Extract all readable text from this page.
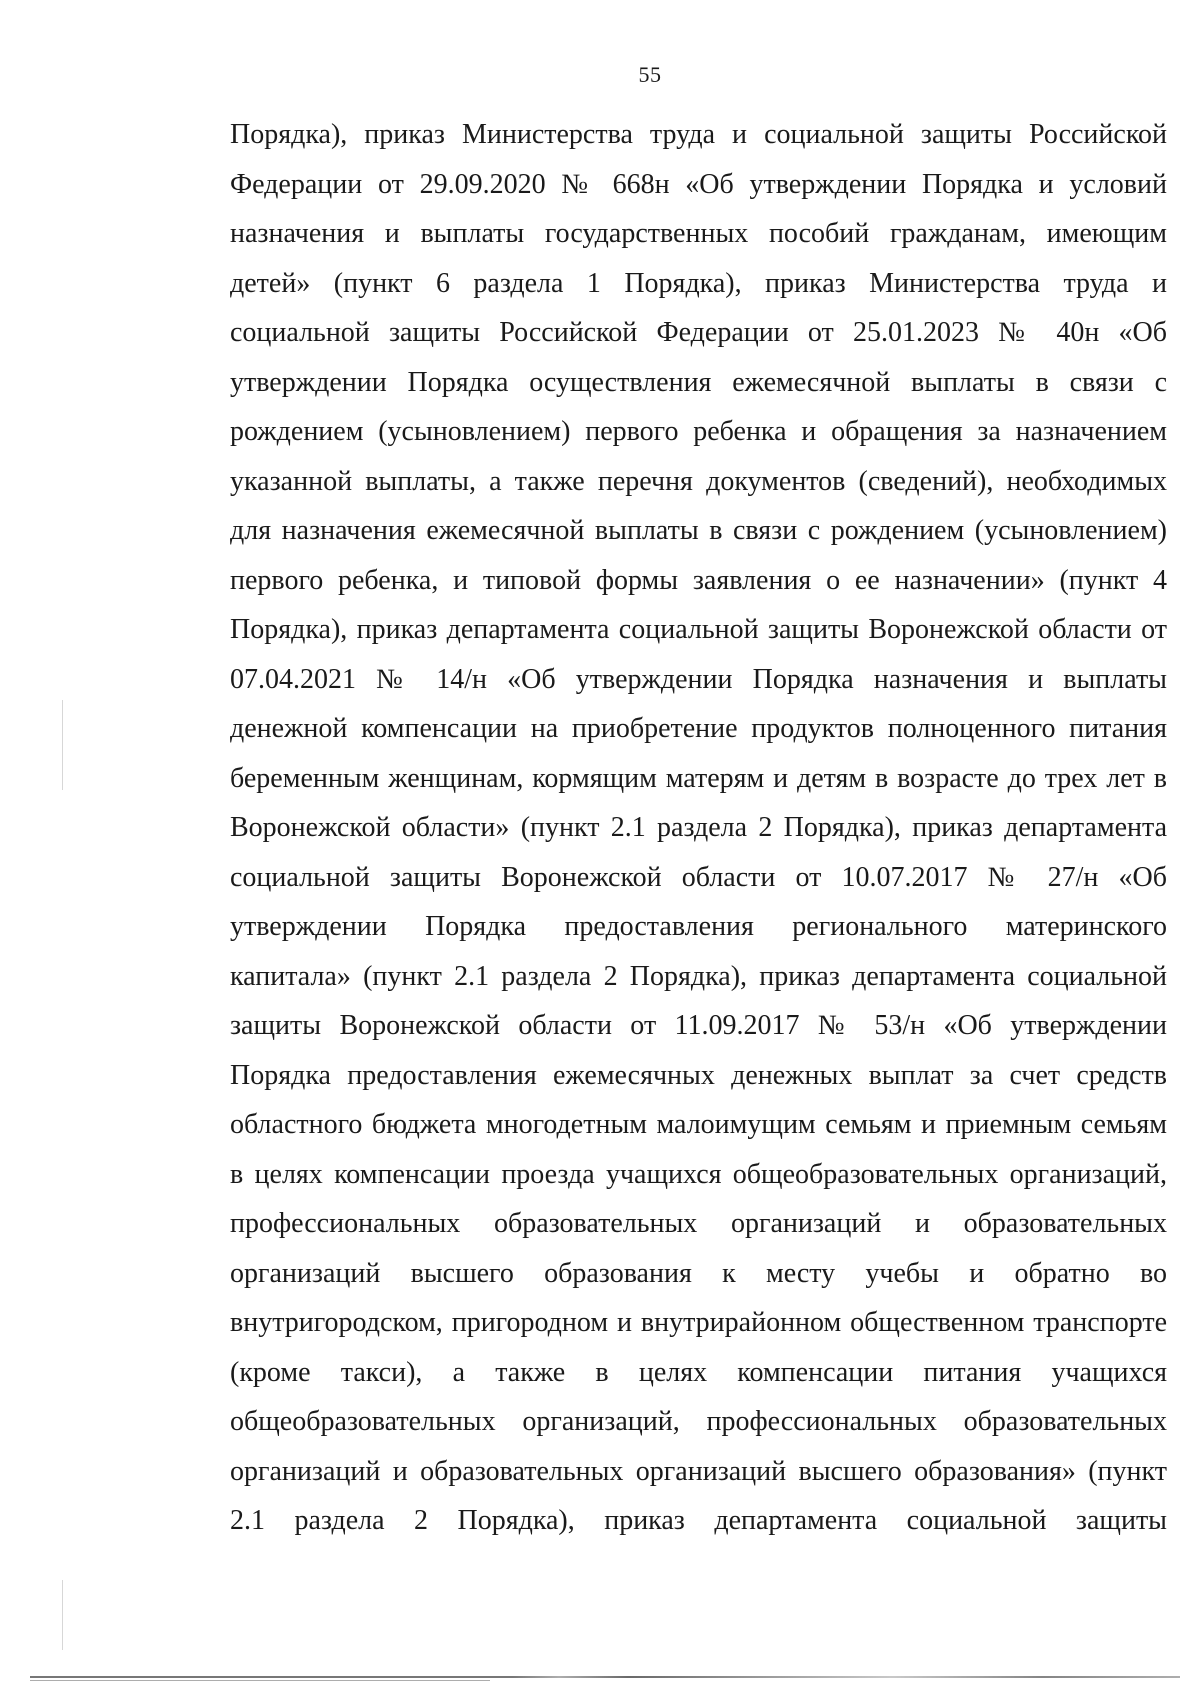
55
Порядка), приказ Министерства труда и социальной защиты Российской
Федерации от 29.09.2020 № 668н «Об утверждении Порядка и условий
назначения и выплаты государственных пособий гражданам, имеющим
детей» (пункт 6 раздела 1 Порядка), приказ Министерства труда и
социальной защиты Российской Федерации от 25.01.2023 № 40н «Об
утверждении Порядка осуществления ежемесячной выплаты в связи с
рождением (усыновлением) первого ребенка и обращения за назначением
указанной выплаты, а также перечня документов (сведений), необходимых
для назначения ежемесячной выплаты в связи с рождением (усыновлением)
первого ребенка, и типовой формы заявления о ее назначении» (пункт 4
Порядка), приказ департамента социальной защиты Воронежской области от
07.04.2021 № 14/н «Об утверждении Порядка назначения и выплаты
денежной компенсации на приобретение продуктов полноценного питания
беременным женщинам, кормящим матерям и детям в возрасте до трех лет в
Воронежской области» (пункт 2.1 раздела 2 Порядка), приказ департамента
социальной защиты Воронежской области от 10.07.2017 № 27/н «Об
утверждении Порядка предоставления регионального материнского
капитала» (пункт 2.1 раздела 2 Порядка), приказ департамента социальной
защиты Воронежской области от 11.09.2017 № 53/н «Об утверждении
Порядка предоставления ежемесячных денежных выплат за счет средств
областного бюджета многодетным малоимущим семьям и приемным семьям
в целях компенсации проезда учащихся общеобразовательных организаций,
профессиональных образовательных организаций и образовательных
организаций высшего образования к месту учебы и обратно во
внутригородском, пригородном и внутрирайонном общественном транспорте
(кроме такси), а также в целях компенсации питания учащихся
общеобразовательных организаций, профессиональных образовательных
организаций и образовательных организаций высшего образования» (пункт
2.1 раздела 2 Порядка), приказ департамента социальной защиты
